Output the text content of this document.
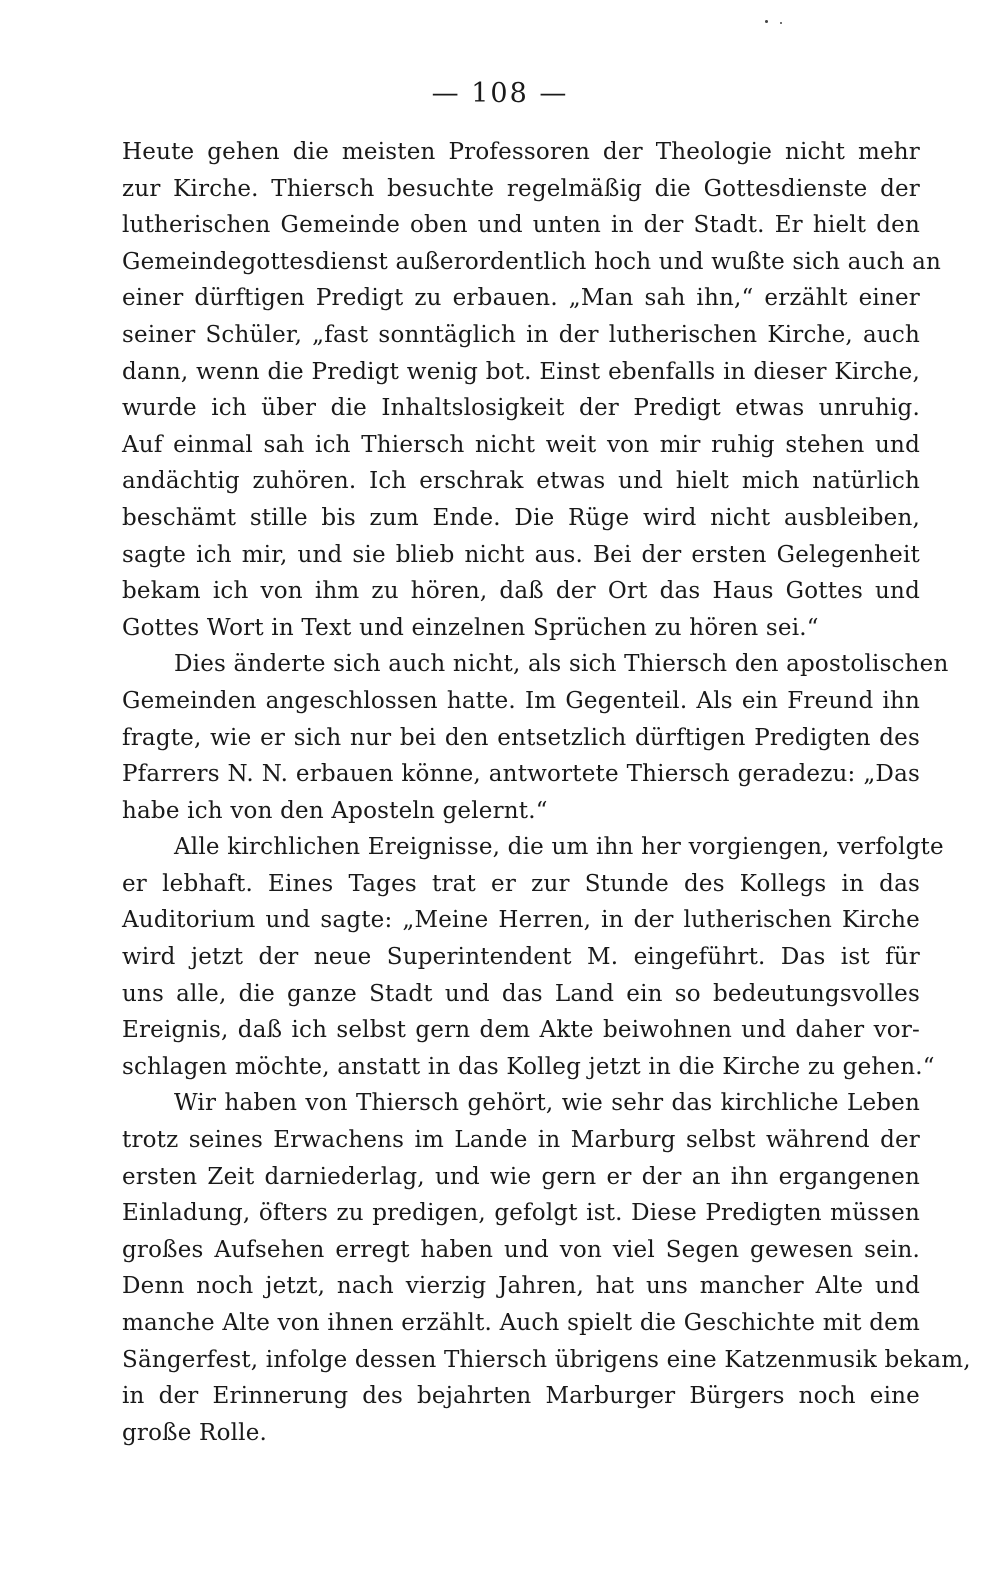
— 108 —
Heute gehen die meisten Professoren der Theologie nicht mehr
zur Kirche. Thiersch besuchte regelmäßig die Gottesdienste der
lutherischen Gemeinde oben und unten in der Stadt. Er hielt den
Gemeindegottesdienst außerordentlich hoch und wußte sich auch an
einer dürftigen Predigt zu erbauen. „Man sah ihn,“ erzählt einer
seiner Schüler, „fast sonntäglich in der lutherischen Kirche, auch
dann, wenn die Predigt wenig bot. Einst ebenfalls in dieser Kirche,
wurde ich über die Inhaltslosigkeit der Predigt etwas unruhig.
Auf einmal sah ich Thiersch nicht weit von mir ruhig stehen und
andächtig zuhören. Ich erschrak etwas und hielt mich natürlich
beschämt stille bis zum Ende. Die Rüge wird nicht ausbleiben,
sagte ich mir, und sie blieb nicht aus. Bei der ersten Gelegenheit
bekam ich von ihm zu hören, daß der Ort das Haus Gottes und
Gottes Wort in Text und einzelnen Sprüchen zu hören sei.“
Dies änderte sich auch nicht, als sich Thiersch den apostolischen
Gemeinden angeschlossen hatte. Im Gegenteil. Als ein Freund ihn
fragte, wie er sich nur bei den entsetzlich dürftigen Predigten des
Pfarrers N. N. erbauen könne, antwortete Thiersch geradezu: „Das
habe ich von den Aposteln gelernt.“
Alle kirchlichen Ereignisse, die um ihn her vorgiengen, verfolgte
er lebhaft. Eines Tages trat er zur Stunde des Kollegs in das
Auditorium und sagte: „Meine Herren, in der lutherischen Kirche
wird jetzt der neue Superintendent M. eingeführt. Das ist für
uns alle, die ganze Stadt und das Land ein so bedeutungsvolles
Ereignis, daß ich selbst gern dem Akte beiwohnen und daher vor-
schlagen möchte, anstatt in das Kolleg jetzt in die Kirche zu gehen.“
Wir haben von Thiersch gehört, wie sehr das kirchliche Leben
trotz seines Erwachens im Lande in Marburg selbst während der
ersten Zeit darniederlag, und wie gern er der an ihn ergangenen
Einladung, öfters zu predigen, gefolgt ist. Diese Predigten müssen
großes Aufsehen erregt haben und von viel Segen gewesen sein.
Denn noch jetzt, nach vierzig Jahren, hat uns mancher Alte und
manche Alte von ihnen erzählt. Auch spielt die Geschichte mit dem
Sängerfest, infolge dessen Thiersch übrigens eine Katzenmusik bekam,
in der Erinnerung des bejahrten Marburger Bürgers noch eine
große Rolle.
